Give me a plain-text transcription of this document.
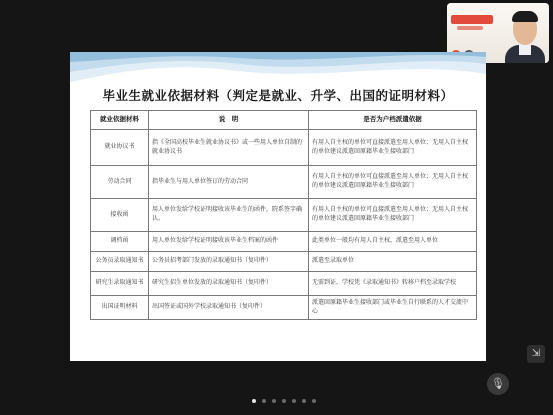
毕业生就业依据材料（判定是就业、升学、出国的证明材料）
就业依据材料	说　明	是否为户档派遣依据
就业协议书	指《全国高校毕业生就业协议书》或一些用人单位自制的就业协议书	有用人自主权的单位可直接派遣至用人单位；无用人自主权的单位建议派遣回原籍毕业生接收部门
劳动合同	指毕业生与用人单位签订的劳动合同	有用人自主权的单位可直接派遣至用人单位；无用人自主权的单位建议派遣回原籍毕业生接收部门
接收函	用人单位发给学校证明接收该毕业生的函件，院系签字确认。	有用人自主权的单位可直接派遣至用人单位；无用人自主权的单位建议派遣回原籍毕业生接收部门
调档函	用人单位发给学校证明接收该毕业生档案的函件	此类单位一般均有用人自主权，派遣至用人单位
公务员录取通知书	公务员招考部门发放的录取通知书（复印件）	派遣至录取单位
研究生录取通知书	研究生招生单位发放的录取通知书（复印件）	无需到证，学校凭《录取通知书》转移户档至录取学校
出国证明材料	出国签证或国外学校录取通知书（复印件）	派遣回原籍毕业生接收部门或毕业生自行联系的人才交流中心
⇲
🎙
